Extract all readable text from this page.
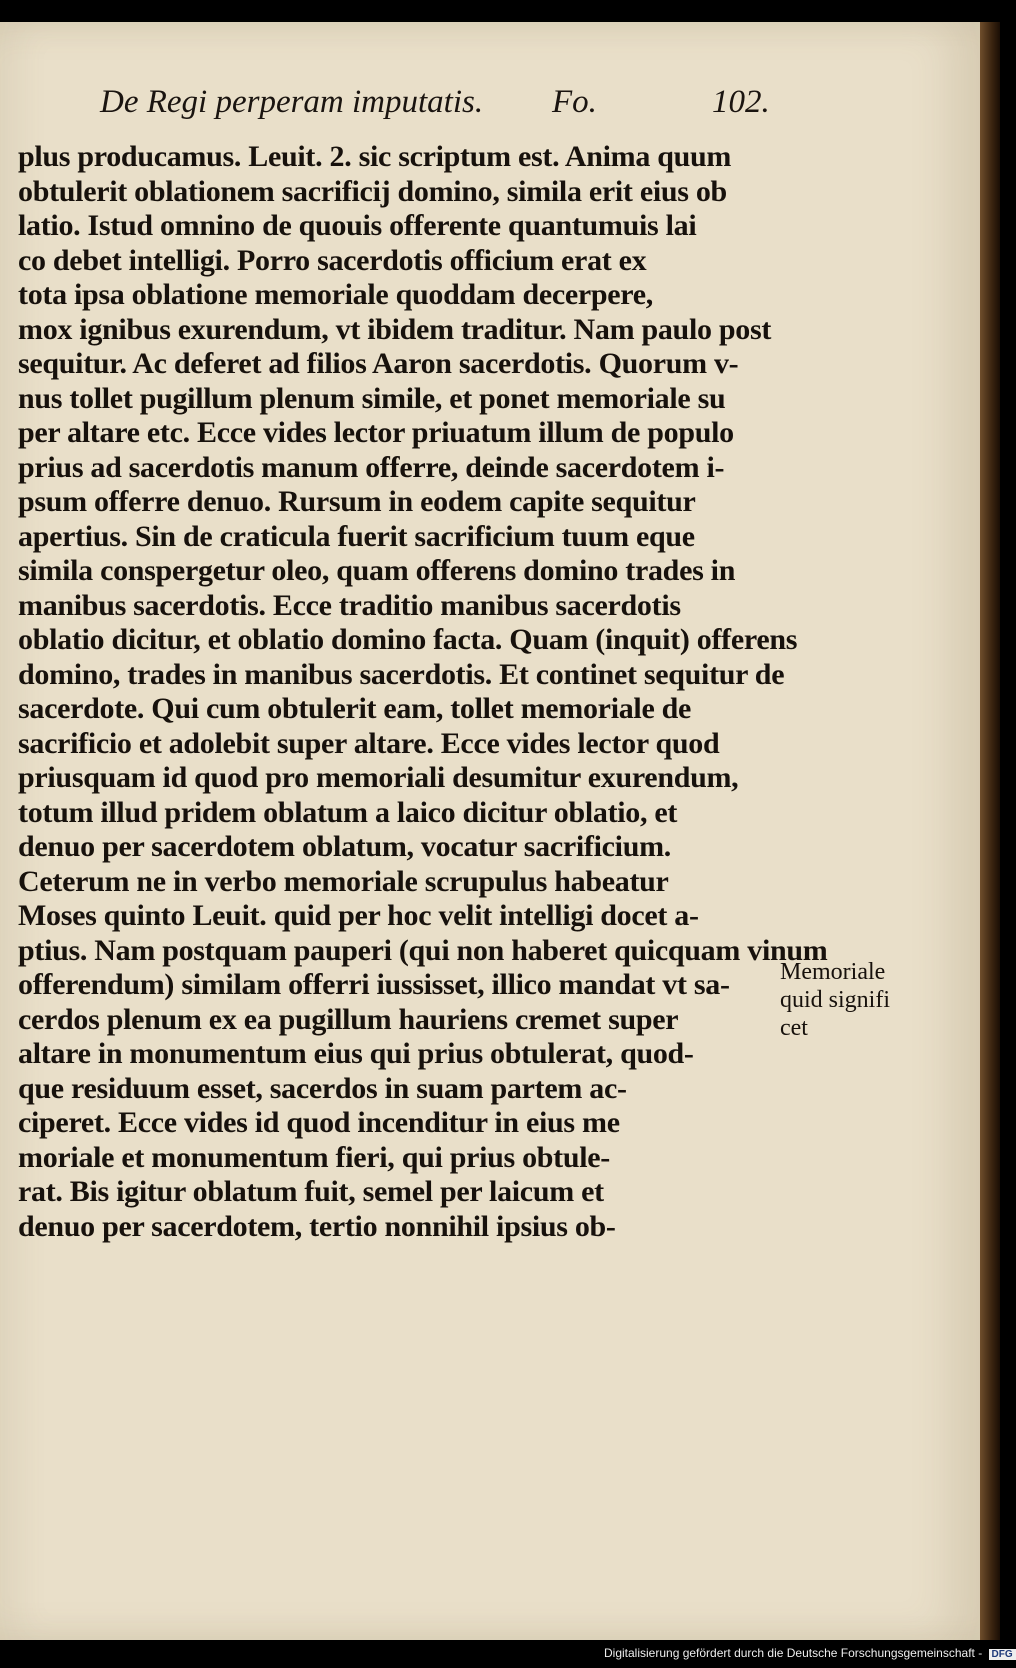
De Regi perperam imputatis. Fo.	102.
plus producamus. Leuit. 2. sic scriptum est. Anima quum
obtulerit oblationem sacrificij domino, simila erit eius ob
latio. Istud omnino de quouis offerente quantumuis lai
co debet intelligi. Porro sacerdotis officium erat ex
tota ipsa oblatione memoriale quoddam decerpere,
mox ignibus exurendum, vt ibidem traditur. Nam paulo post
sequitur. Ac deferet ad filios Aaron sacerdotis. Quorum v-
nus tollet pugillum plenum simile, et ponet memoriale su
per altare etc. Ecce vides lector priuatum illum de populo
prius ad sacerdotis manum offerre, deinde sacerdotem i-
psum offerre denuo. Rursum in eodem capite sequitur
apertius. Sin de craticula fuerit sacrificium tuum eque
simila conspergetur oleo, quam offerens domino trades in
manibus sacerdotis. Ecce traditio manibus sacerdotis
oblatio dicitur, et oblatio domino facta. Quam (inquit) offerens
domino, trades in manibus sacerdotis. Et continet sequitur de
sacerdote. Qui cum obtulerit eam, tollet memoriale de
sacrificio et adolebit super altare. Ecce vides lector quod
priusquam id quod pro memoriali desumitur exurendum,
totum illud pridem oblatum a laico dicitur oblatio, et
denuo per sacerdotem oblatum, vocatur sacrificium.
Ceterum ne in verbo memoriale scrupulus habeatur
Moses quinto Leuit. quid per hoc velit intelligi docet a-
ptius. Nam postquam pauperi (qui non haberet quicquam vinum
offerendum) similam offerri iussisset, illico mandat vt sa-
cerdos plenum ex ea pugillum hauriens cremet super
altare in monumentum eius qui prius obtulerat, quod-
que residuum esset, sacerdos in suam partem ac-
ciperet. Ecce vides id quod incenditur in eius me
moriale et monumentum fieri, qui prius obtule-
rat. Bis igitur oblatum fuit, semel per laicum et
denuo per sacerdotem, tertio nonnihil ipsius ob-
Memoriale
quid signifi
cet
Digitalisierung gefördert durch die Deutsche Forschungsgemeinschaft - DFG
